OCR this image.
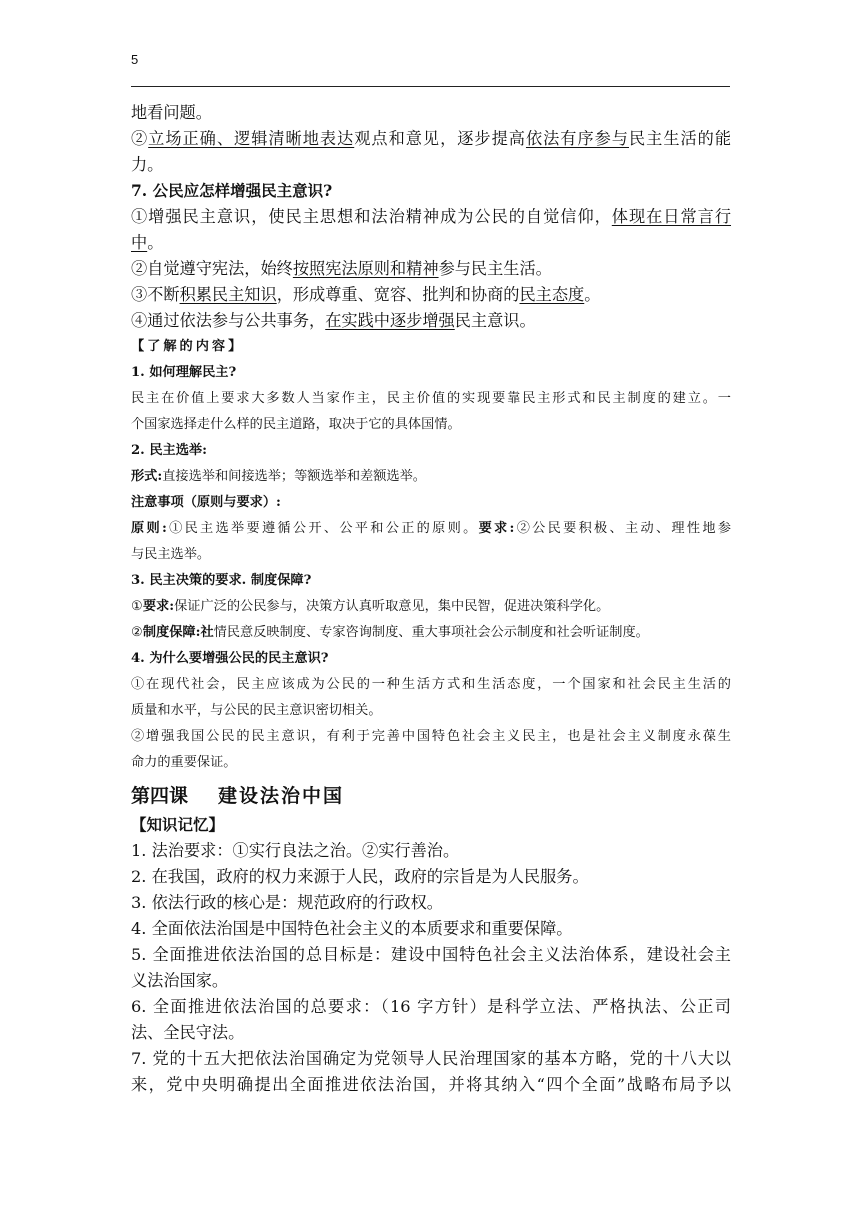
5

地看问题。

②立场正确、逻辑清晰地表达观点和意见，逐步提高依法有序参与民主生活的能

力。

7. 公民应怎样增强民主意识?

①增强民主意识，使民主思想和法治精神成为公民的自觉信仰，体现在日常言行

中。

②自觉遵守宪法，始终按照宪法原则和精神参与民主生活。

③不断积累民主知识，形成尊重、宽容、批判和协商的民主态度。

④通过依法参与公共事务，在实践中逐步增强民主意识。

【了解的内容】

1. 如何理解民主?

民主在价值上要求大多数人当家作主，民主价值的实现要靠民主形式和民主制度的建立。一

个国家选择走什么样的民主道路，取决于它的具体国情。

2. 民主选举:

形式:直接选举和间接选举；等额选举和差额选举。

注意事项（原则与要求）:

原则:①民主选举要遵循公开、公平和公正的原则。要求:②公民要积极、主动、理性地参

与民主选举。

3. 民主决策的要求. 制度保障?

①要求:保证广泛的公民参与，决策方认真听取意见，集中民智，促进决策科学化。

②制度保障:社情民意反映制度、专家咨询制度、重大事项社会公示制度和社会听证制度。

4. 为什么要增强公民的民主意识?

①在现代社会，民主应该成为公民的一种生活方式和生活态度，一个国家和社会民主生活的

质量和水平，与公民的民主意识密切相关。

②增强我国公民的民主意识，有利于完善中国特色社会主义民主，也是社会主义制度永葆生

命力的重要保证。

第四课 建设法治中国

【知识记忆】

1. 法治要求：①实行良法之治。②实行善治。

2. 在我国，政府的权力来源于人民，政府的宗旨是为人民服务。

3. 依法行政的核心是：规范政府的行政权。

4. 全面依法治国是中国特色社会主义的本质要求和重要保障。

5. 全面推进依法治国的总目标是：建设中国特色社会主义法治体系，建设社会主

义法治国家。

6. 全面推进依法治国的总要求：（16 字方针）是科学立法、严格执法、公正司

法、全民守法。

7. 党的十五大把依法治国确定为党领导人民治理国家的基本方略，党的十八大以

来，党中央明确提出全面推进依法治国，并将其纳入“四个全面”战略布局予以
